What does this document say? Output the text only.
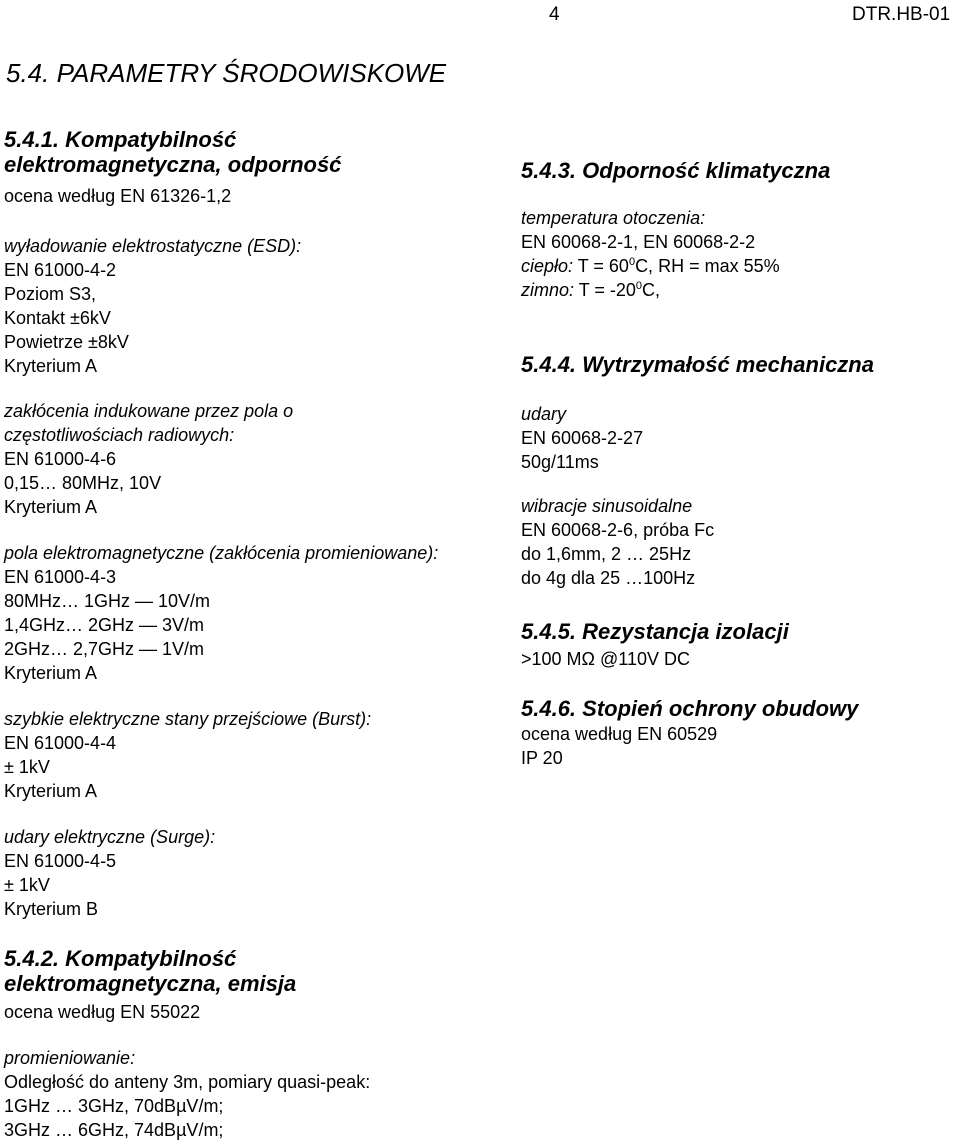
4	DTR.HB-01
5.4. PARAMETRY ŚRODOWISKOWE
5.4.1. Kompatybilność
elektromagnetyczna, odporność
ocena według EN 61326-1,2
wyładowanie elektrostatyczne (ESD):
EN 61000-4-2
Poziom S3,
Kontakt ±6kV
Powietrze ±8kV
Kryterium A
zakłócenia indukowane przez pola o
częstotliwościach radiowych:
EN 61000-4-6
0,15… 80MHz, 10V
Kryterium A
pola elektromagnetyczne (zakłócenia promieniowane):
EN 61000-4-3
80MHz… 1GHz — 10V/m
1,4GHz… 2GHz — 3V/m
2GHz… 2,7GHz — 1V/m
Kryterium A
szybkie elektryczne stany przejściowe (Burst):
EN 61000-4-4
± 1kV
Kryterium A
udary elektryczne (Surge):
EN 61000-4-5
± 1kV
Kryterium B
5.4.2. Kompatybilność
elektromagnetyczna, emisja
ocena według EN 55022
promieniowanie:
Odległość do anteny 3m, pomiary quasi-peak:
1GHz … 3GHz, 70dBµV/m;
3GHz … 6GHz, 74dBµV/m;
5.4.3. Odporność klimatyczna
temperatura otoczenia:
EN 60068-2-1, EN 60068-2-2
ciepło: $T = 60^0C$, RH = max 55%
zimno: $T = -20^0C$,
5.4.4. Wytrzymałość mechaniczna
udary
EN 60068-2-27
50g/11ms
wibracje sinusoidalne
EN 60068-2-6, próba Fc
do 1,6mm, 2 … 25Hz
do 4g dla 25 …100Hz
5.4.5. Rezystancja izolacji
>100 MΩ @110V DC
5.4.6. Stopień ochrony obudowy
ocena według EN 60529
IP 20
